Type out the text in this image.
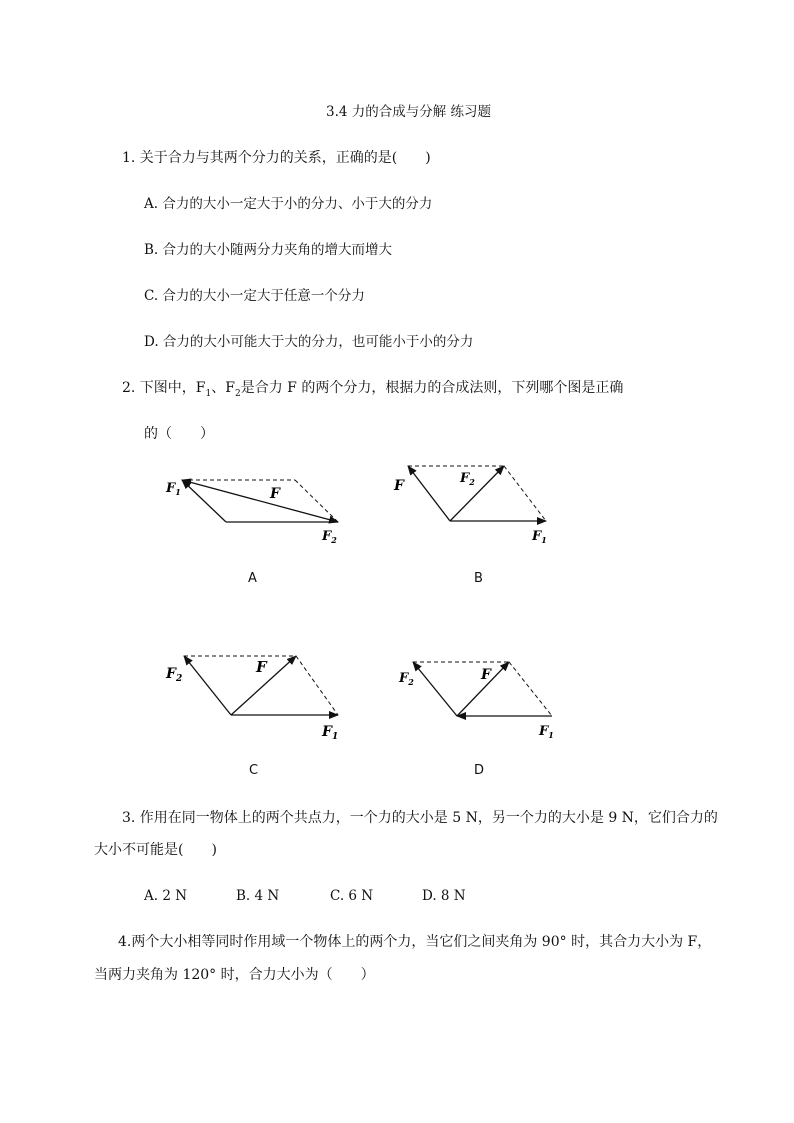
3.4 力的合成与分解 练习题
1. 关于合力与其两个分力的关系，正确的是(　　)
A. 合力的大小一定大于小的分力、小于大的分力
B. 合力的大小随两分力夹角的增大而增大
C. 合力的大小一定大于任意一个分力
D. 合力的大小可能大于大的分力，也可能小于小的分力
2. 下图中，$F_1$、$F_2$是合力 F 的两个分力，根据力的合成法则，下列哪个图是正确
的（　　）
$F_1$	F
$F_2$
A
F	$F_2$
$F_1$
B
$F_2$
F
$F_1$
C
$F_2$	F
$F_1$
D
3. 作用在同一物体上的两个共点力，一个力的大小是 5 N，另一个力的大小是 9 N，它们合力的
大小不可能是(　　)
A. 2 N	B. 4 N	C. 6 N	D. 8 N
4.两个大小相等同时作用域一个物体上的两个力，当它们之间夹角为 90° 时，其合力大小为 F，
当两力夹角为 120° 时，合力大小为（　　）
